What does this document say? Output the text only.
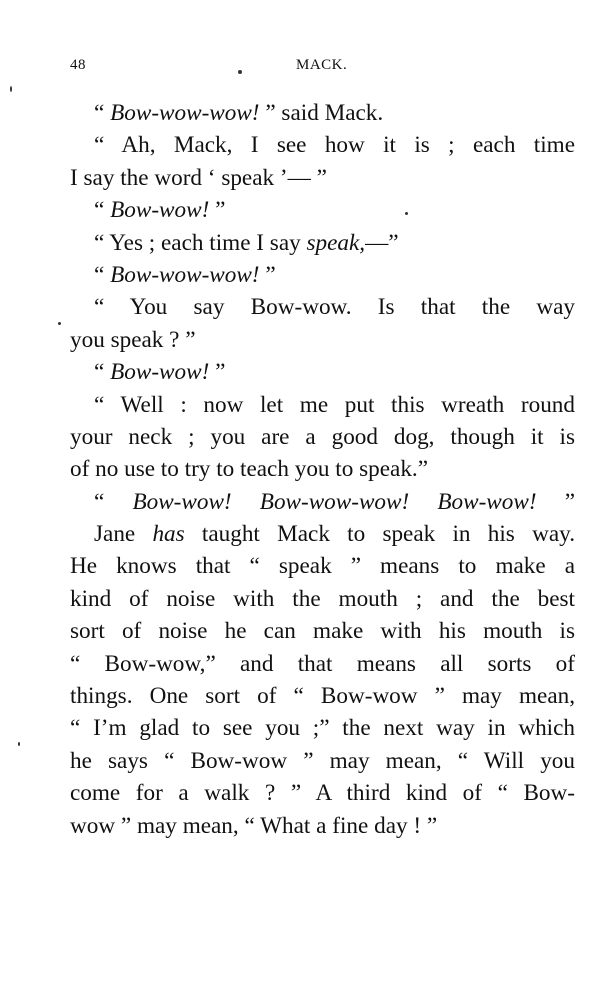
48	MACK.
“ Bow-wow-wow! ” said Mack.
“ Ah, Mack, I see how it is ; each time
I say the word ‘ speak ’— ”
“ Bow-wow! ”
“ Yes ; each time I say speak,—”
“ Bow-wow-wow! ”
“ You say Bow-wow. Is that the way
you speak ? ”
“ Bow-wow! ”
“ Well : now let me put this wreath round
your neck ; you are a good dog, though it is
of no use to try to teach you to speak.”
“ Bow-wow! Bow-wow-wow! Bow-wow! ”
Jane has taught Mack to speak in his way.
He knows that “ speak ” means to make a
kind of noise with the mouth ; and the best
sort of noise he can make with his mouth is
“ Bow-wow,” and that means all sorts of
things. One sort of “ Bow-wow ” may mean,
“ I’m glad to see you ;” the next way in which
he says “ Bow-wow ” may mean, “ Will you
come for a walk ? ” A third kind of “ Bow-
wow ” may mean, “ What a fine day ! ”
